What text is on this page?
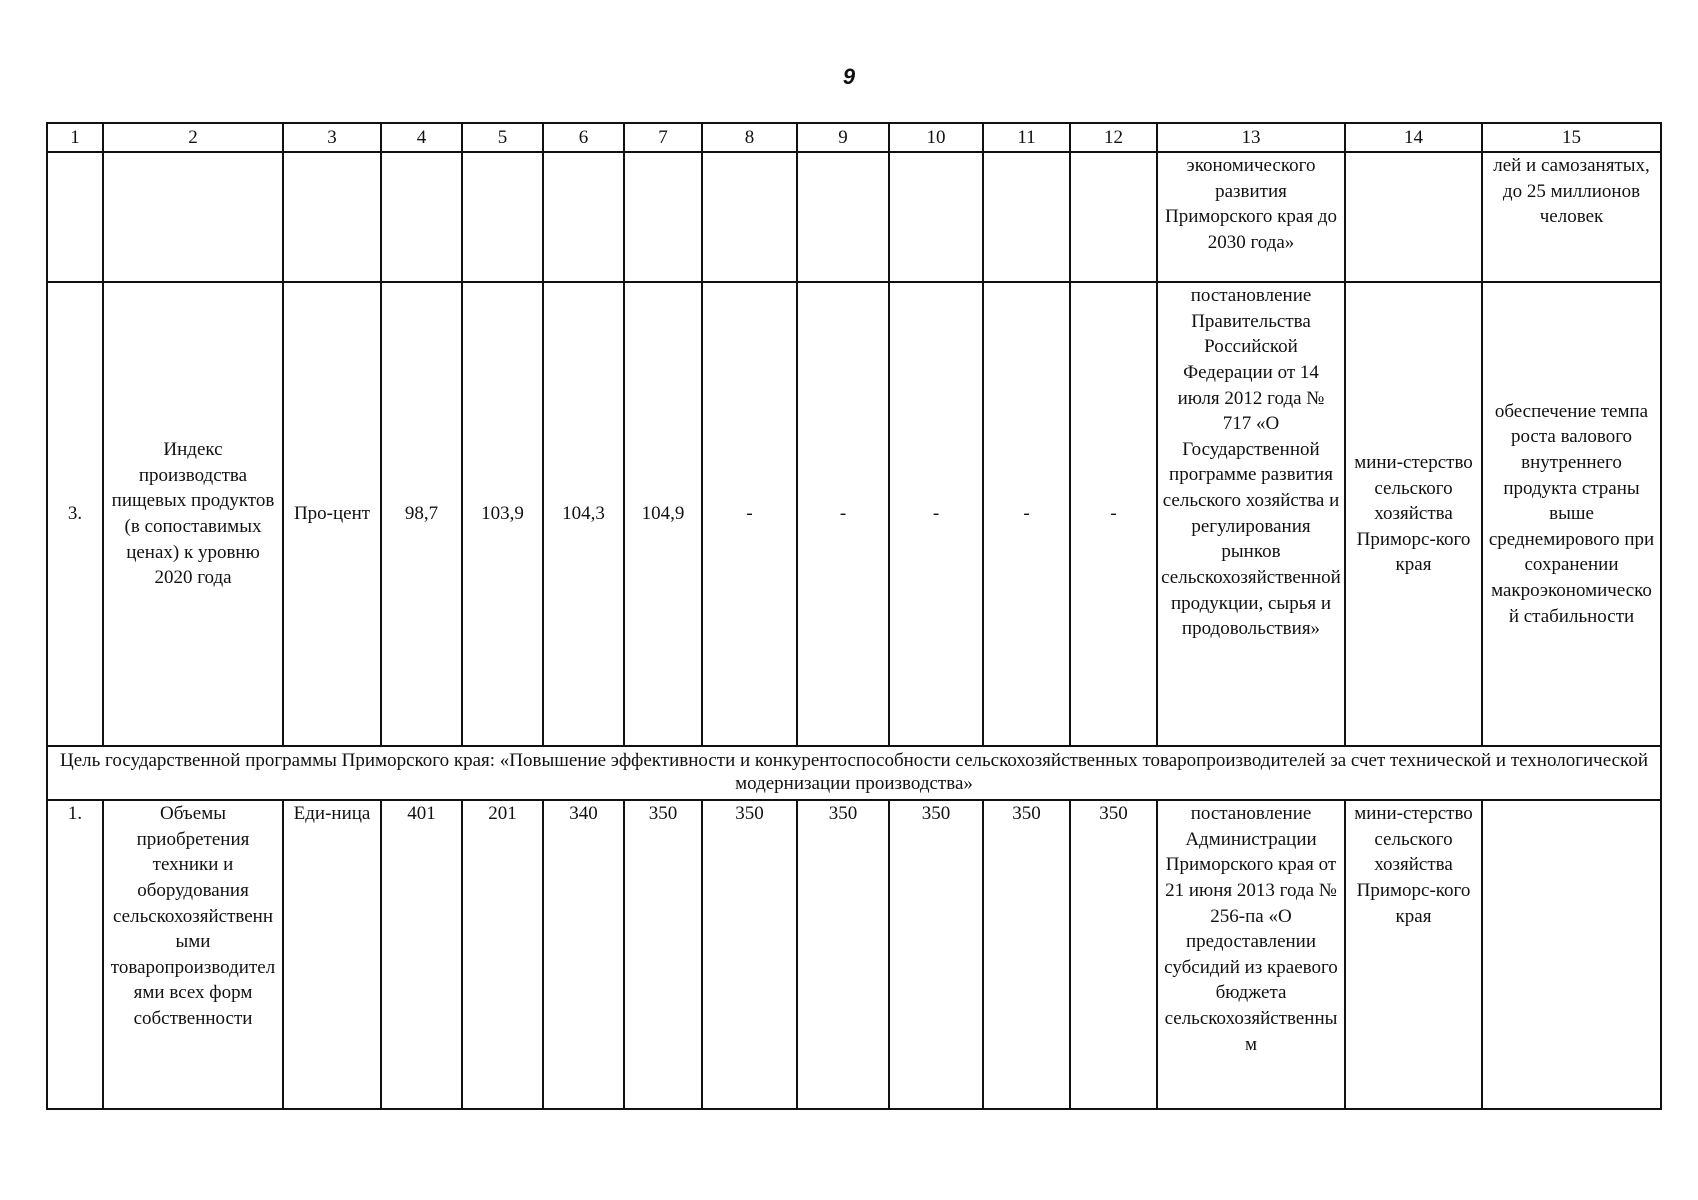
9
1	2	3	4	5	6	7	8	9	10	11	12	13	14	15
												экономического развития Приморского края до 2030 года»		лей и самозанятых, до 25 миллионов человек
3.	Индекс производства пищевых продуктов (в сопоставимых ценах) к уровню 2020 года	Про-цент	98,7	103,9	104,3	104,9	-	-	-	-	-	постановление Правительства Российской Федерации от 14 июля 2012 года № 717 «О Государственной программе развития сельского хозяйства и регулирования рынков сельскохозяйственной продукции, сырья и продовольствия»	мини-стерство сельского хозяйства Приморс-кого края	обеспечение темпа роста валового внутреннего продукта страны выше среднемирового при сохранении макроэкономической стабильности
Цель государственной программы Приморского края: «Повышение эффективности и конкурентоспособности сельскохозяйственных товаропроизводителей за счет технической и технологической модернизации производства»														
1.	Объемы приобретения техники и оборудования сельскохозяйственными товаропроизводителями всех форм собственности	Еди-ница	401	201	340	350	350	350	350	350	350	постановление Администрации Приморского края от 21 июня 2013 года № 256-па «О предоставлении субсидий из краевого бюджета сельскохозяйственным	мини-стерство сельского хозяйства Приморс-кого края	
